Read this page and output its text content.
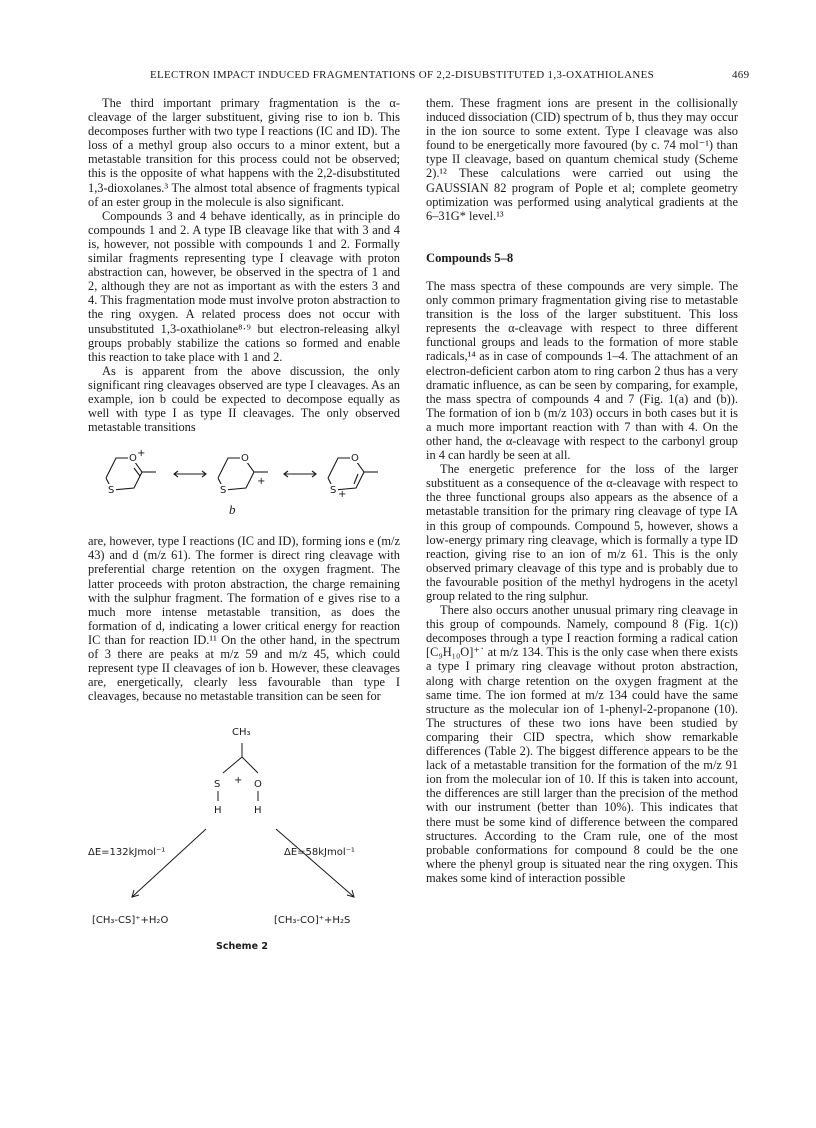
ELECTRON IMPACT INDUCED FRAGMENTATIONS OF 2,2-DISUBSTITUTED 1,3-OXATHIOLANES	469

The third important primary fragmentation is the α-cleavage of the larger substituent, giving rise to ion b. This decomposes further with two type I reactions (IC and ID). The loss of a methyl group also occurs to a minor extent, but a metastable transition for this process could not be observed; this is the opposite of what happens with the 2,2-disubstituted 1,3-dioxolanes.³ The almost total absence of fragments typical of an ester group in the molecule is also significant.

Compounds 3 and 4 behave identically, as in principle do compounds 1 and 2. A type IB cleavage like that with 3 and 4 is, however, not possible with compounds 1 and 2. Formally similar fragments representing type I cleavage with proton abstraction can, however, be observed in the spectra of 1 and 2, although they are not as important as with the esters 3 and 4. This fragmentation mode must involve proton abstraction to the ring oxygen. A related process does not occur with unsubstituted 1,3-oxathiolane⁸·⁹ but electron-releasing alkyl groups probably stabilize the cations so formed and enable this reaction to take place with 1 and 2.

As is apparent from the above discussion, the only significant ring cleavages observed are type I cleavages. As an example, ion b could be expected to decompose equally as well with type I as type II cleavages. The only observed metastable transitions

O +
S
O
+
S
O
S +
b

are, however, type I reactions (IC and ID), forming ions e (m/z 43) and d (m/z 61). The former is direct ring cleavage with preferential charge retention on the oxygen fragment. The latter proceeds with proton abstraction, the charge remaining with the sulphur fragment. The formation of e gives rise to a much more intense metastable transition, as does the formation of d, indicating a lower critical energy for reaction IC than for reaction ID.¹¹ On the other hand, in the spectrum of 3 there are peaks at m/z 59 and m/z 45, which could represent type II cleavages of ion b. However, these cleavages are, energetically, clearly less favourable than type I cleavages, because no metastable transition can be seen for

CH₃
S + O
H	H
ΔE=132kJmol⁻¹	ΔE=58kJmol⁻¹
[CH₃-CS]⁺+H₂O	[CH₃-CO]⁺+H₂S
Scheme 2

them. These fragment ions are present in the collisionally induced dissociation (CID) spectrum of b, thus they may occur in the ion source to some extent. Type I cleavage was also found to be energetically more favoured (by c. 74 mol⁻¹) than type II cleavage, based on quantum chemical study (Scheme 2).¹² These calculations were carried out using the GAUSSIAN 82 program of Pople et al; complete geometry optimization was performed using analytical gradients at the 6–31G* level.¹³

Compounds 5–8

The mass spectra of these compounds are very simple. The only common primary fragmentation giving rise to metastable transition is the loss of the larger substituent. This loss represents the α-cleavage with respect to three different functional groups and leads to the formation of more stable radicals,¹⁴ as in case of compounds 1–4. The attachment of an electron-deficient carbon atom to ring carbon 2 thus has a very dramatic influence, as can be seen by comparing, for example, the mass spectra of compounds 4 and 7 (Fig. 1(a) and (b)). The formation of ion b (m/z 103) occurs in both cases but it is a much more important reaction with 7 than with 4. On the other hand, the α-cleavage with respect to the carbonyl group in 4 can hardly be seen at all.

The energetic preference for the loss of the larger substituent as a consequence of the α-cleavage with respect to the three functional groups also appears as the absence of a metastable transition for the primary ring cleavage of type IA in this group of compounds. Compound 5, however, shows a low-energy primary ring cleavage, which is formally a type ID reaction, giving rise to an ion of m/z 61. This is the only observed primary cleavage of this type and is probably due to the favourable position of the methyl hydrogens in the acetyl group related to the ring sulphur.

There also occurs another unusual primary ring cleavage in this group of compounds. Namely, compound 8 (Fig. 1(c)) decomposes through a type I reaction forming a radical cation [C₉H₁₀O]⁺˙ at m/z 134. This is the only case when there exists a type I primary ring cleavage without proton abstraction, along with charge retention on the oxygen fragment at the same time. The ion formed at m/z 134 could have the same structure as the molecular ion of 1-phenyl-2-propanone (10). The structures of these two ions have been studied by comparing their CID spectra, which show remarkable differences (Table 2). The biggest difference appears to be the lack of a metastable transition for the formation of the m/z 91 ion from the molecular ion of 10. If this is taken into account, the differences are still larger than the precision of the method with our instrument (better than 10%). This indicates that there must be some kind of difference between the compared structures. According to the Cram rule, one of the most probable conformations for compound 8 could be the one where the phenyl group is situated near the ring oxygen. This makes some kind of interaction possible
